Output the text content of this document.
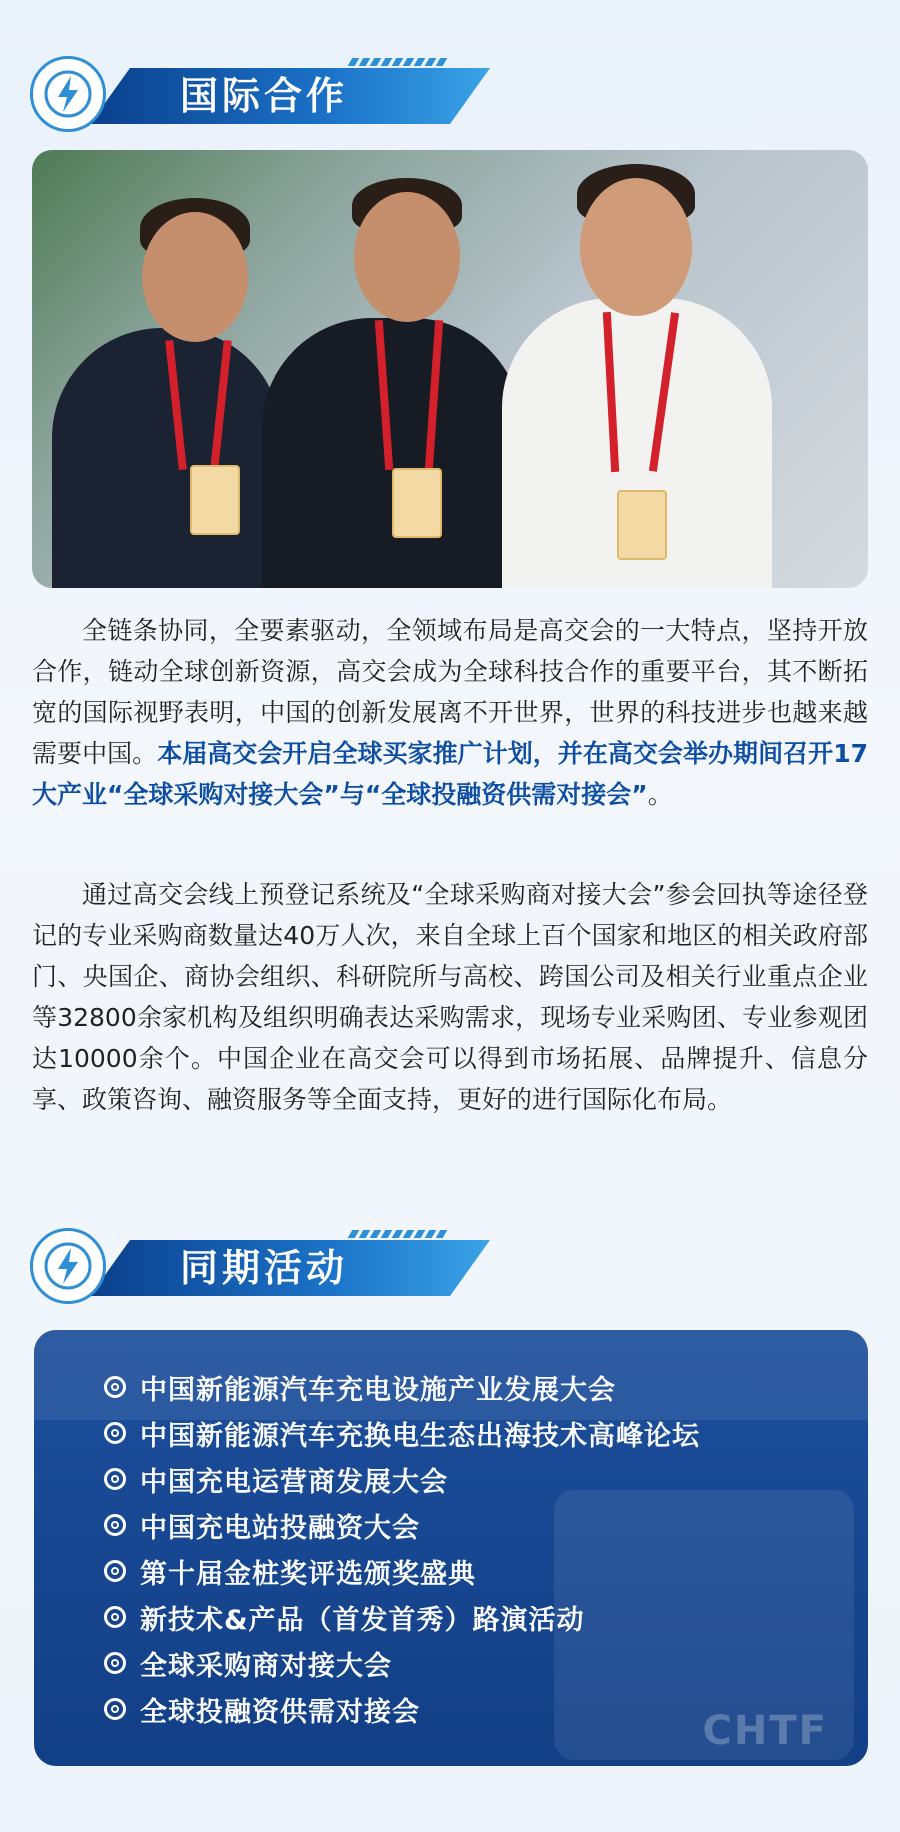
国际合作
全链条协同，全要素驱动，全领域布局是高交会的一大特点，坚持开放合作，链动全球创新资源，高交会成为全球科技合作的重要平台，其不断拓宽的国际视野表明，中国的创新发展离不开世界，世界的科技进步也越来越需要中国。本届高交会开启全球买家推广计划，并在高交会举办期间召开17大产业“全球采购对接大会”与“全球投融资供需对接会”。
通过高交会线上预登记系统及“全球采购商对接大会”参会回执等途径登记的专业采购商数量达40万人次，来自全球上百个国家和地区的相关政府部门、央国企、商协会组织、科研院所与高校、跨国公司及相关行业重点企业等32800余家机构及组织明确表达采购需求，现场专业采购团、专业参观团达10000余个。中国企业在高交会可以得到市场拓展、品牌提升、信息分享、政策咨询、融资服务等全面支持，更好的进行国际化布局。
同期活动
中国新能源汽车充电设施产业发展大会
中国新能源汽车充换电生态出海技术高峰论坛
中国充电运营商发展大会
中国充电站投融资大会
第十届金桩奖评选颁奖盛典
新技术&产品（首发首秀）路演活动
全球采购商对接大会
全球投融资供需对接会	CHTF
